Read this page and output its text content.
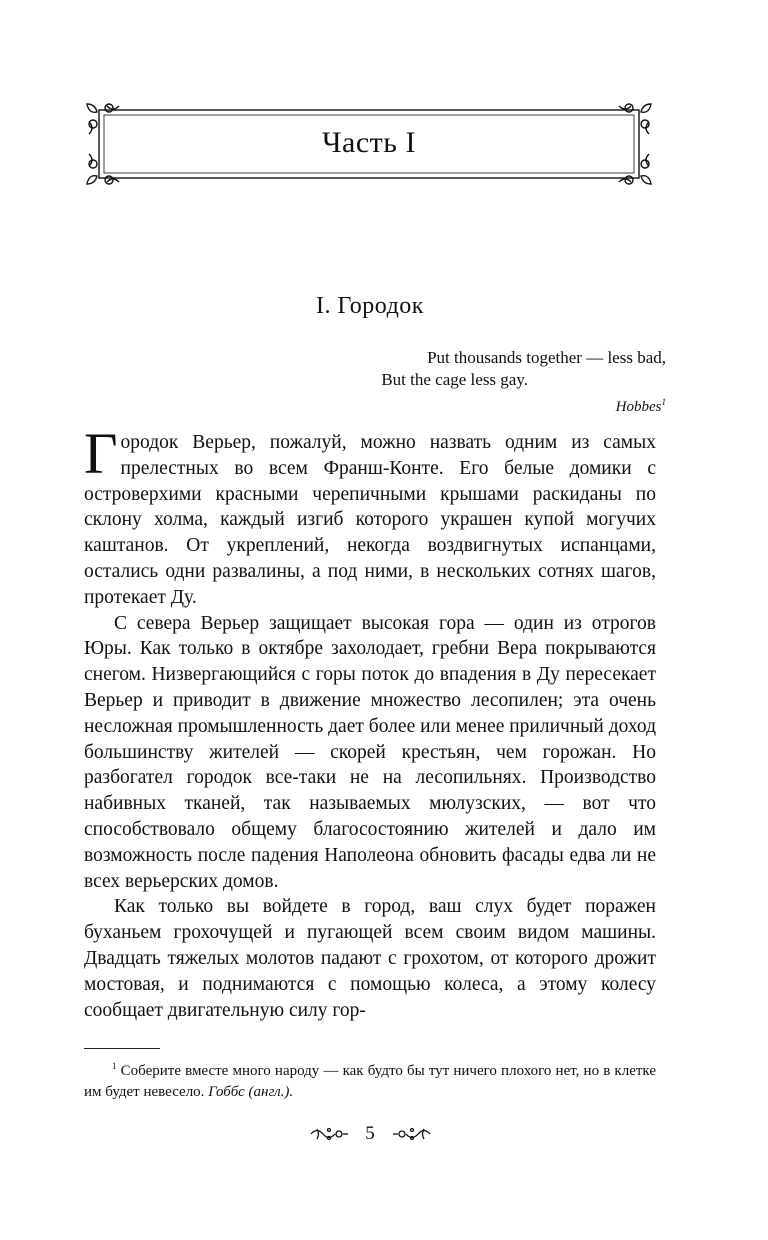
Часть I
I. Городок
Put thousands together — less bad,
But the cage less gay.
Hobbes$^1$

Городок Верьер, пожалуй, можно назвать одним из самых прелестных во всем Франш-Конте. Его белые домики с островерхими красными черепичными крышами раскиданы по склону холма, каждый изгиб которого украшен купой могучих каштанов. От укреплений, некогда воздвигнутых испанцами, остались одни развалины, а под ними, в нескольких сотнях шагов, протекает Ду.

С севера Верьер защищает высокая гора — один из отрогов Юры. Как только в октябре захолодает, гребни Вера покрываются снегом. Низвергающийся с горы поток до впадения в Ду пересекает Верьер и приводит в движение множество лесопилен; эта очень несложная промышленность дает более или менее приличный доход большинству жителей — скорей крестьян, чем горожан. Но разбогател городок все-таки не на лесопильнях. Производство набивных тканей, так называемых мюлузских, — вот что способствовало общему благосостоянию жителей и дало им возможность после падения Наполеона обновить фасады едва ли не всех верьерских домов.

Как только вы войдете в город, ваш слух будет поражен буханьем грохочущей и пугающей всем своим видом машины. Двадцать тяжелых молотов падают с грохотом, от которого дрожит мостовая, и поднимаются с помощью колеса, а этому колесу сообщает двигательную силу гор-

$^1$ Соберите вместе много народу — как будто бы тут ничего плохого нет, но в клетке им будет невесело. Гоббс (англ.).

5
